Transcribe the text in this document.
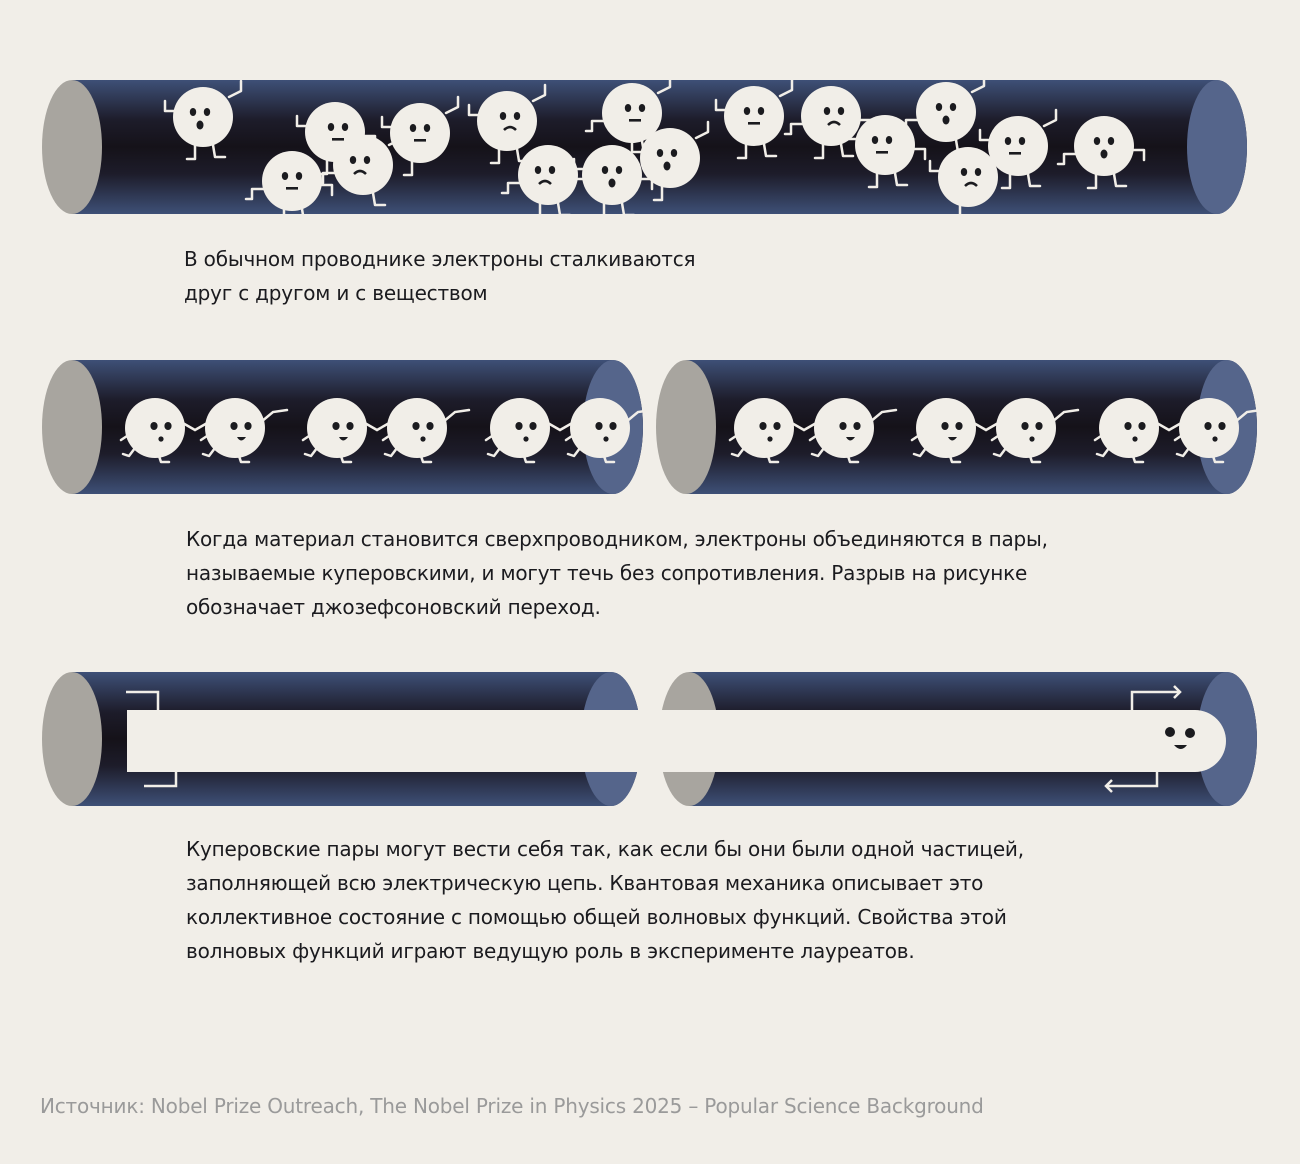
В обычном проводнике электроны сталкиваются
друг с другом и с веществом

Когда материал становится сверхпроводником, электроны объединяются в пары,
называемые куперовскими, и могут течь без сопротивления. Разрыв на рисунке
обозначает джозефсоновский переход.

Куперовские пары могут вести себя так, как если бы они были одной частицей,
заполняющей всю электрическую цепь. Квантовая механика описывает это
коллективное состояние с помощью общей волновых функций. Свойства этой
волновых функций играют ведущую роль в эксперименте лауреатов.

Источник: Nobel Prize Outreach, The Nobel Prize in Physics 2025 – Popular Science Background
